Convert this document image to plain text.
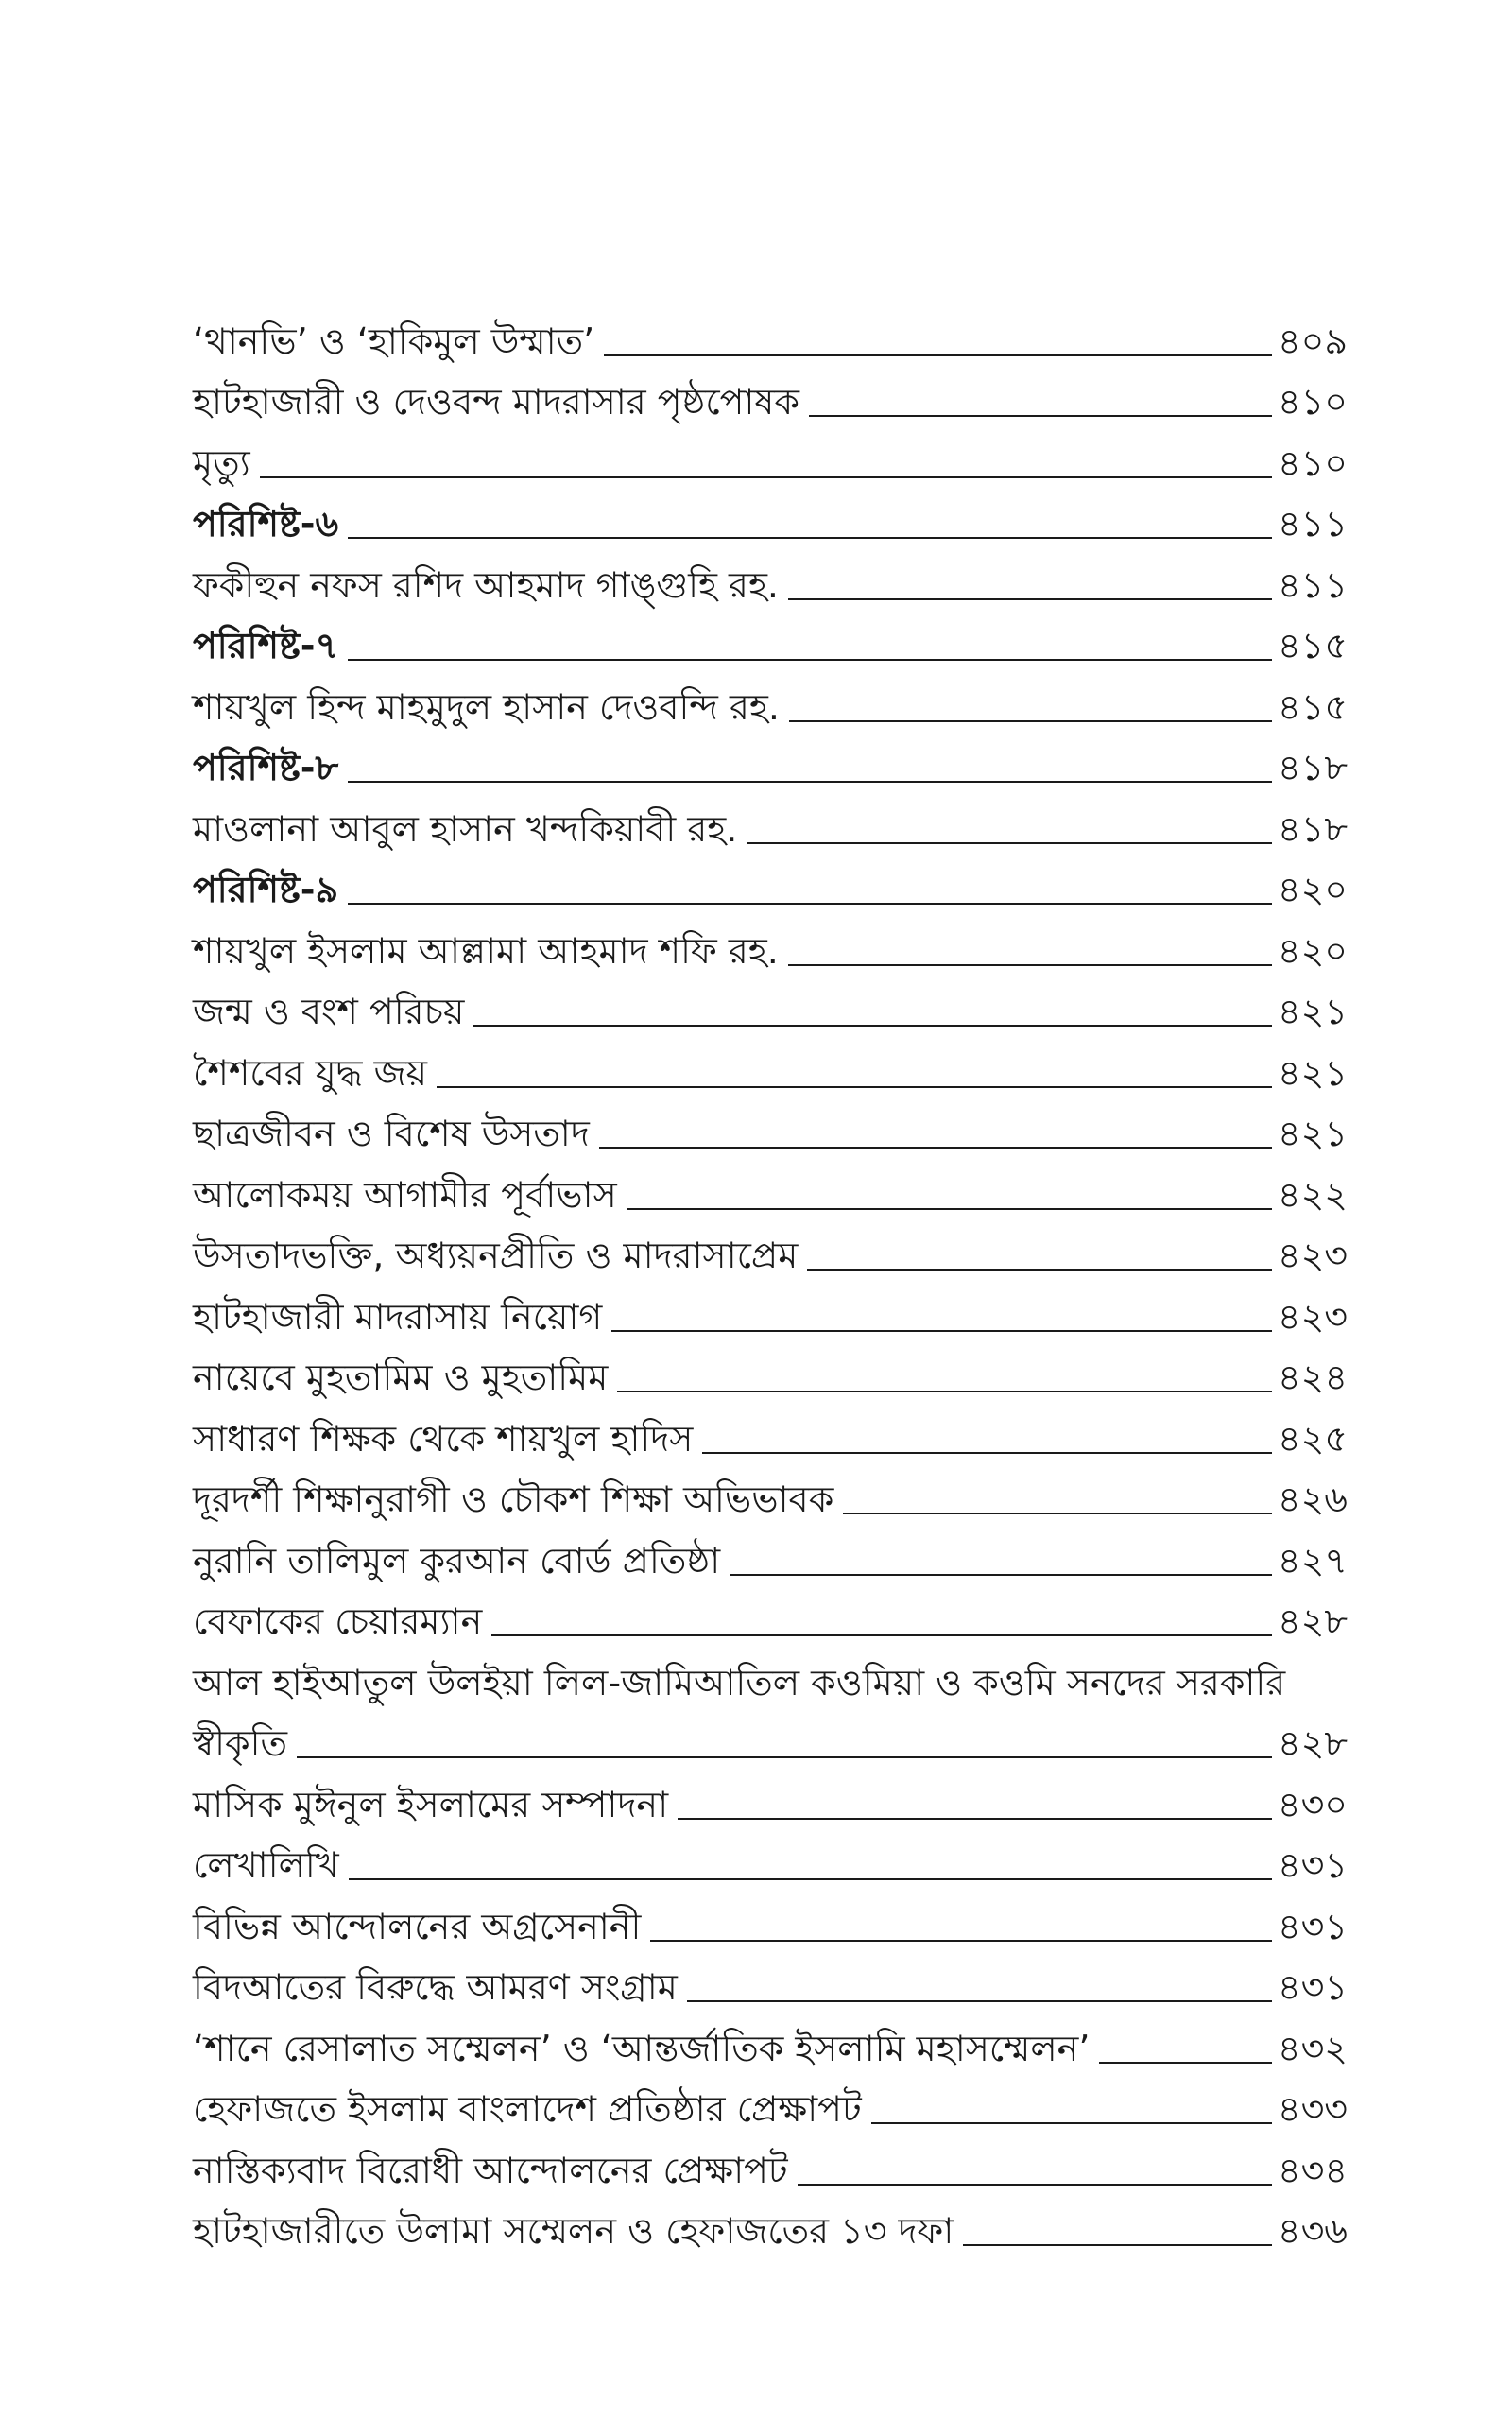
‘থানভি’ ও ‘হাকিমুল উম্মাত’	৪০৯
হাটহাজারী ও দেওবন্দ মাদরাসার পৃষ্ঠপোষক	৪১০
মৃত্যু	৪১০
পরিশিষ্ট-৬	৪১১
ফকীহুন নফস রশিদ আহমাদ গাঙ্গুহি রহ.	৪১১
পরিশিষ্ট-৭	৪১৫
শায়খুল হিন্দ মাহমুদুল হাসান দেওবন্দি রহ.	৪১৫
পরিশিষ্ট-৮	৪১৮
মাওলানা আবুল হাসান খন্দকিয়াবী রহ.	৪১৮
পরিশিষ্ট-৯	৪২০
শায়খুল ইসলাম আল্লামা আহমাদ শফি রহ.	৪২০
জন্ম ও বংশ পরিচয়	৪২১
শৈশবের যুদ্ধ জয়	৪২১
ছাত্রজীবন ও বিশেষ উসতাদ	৪২১
আলোকময় আগামীর পূর্বাভাস	৪২২
উসতাদভক্তি, অধ্যয়নপ্রীতি ও মাদরাসাপ্রেম	৪২৩
হাটহাজারী মাদরাসায় নিয়োগ	৪২৩
নায়েবে মুহতামিম ও মুহতামিম	৪২৪
সাধারণ শিক্ষক থেকে শায়খুল হাদিস	৪২৫
দূরদর্শী শিক্ষানুরাগী ও চৌকশ শিক্ষা অভিভাবক	৪২৬
নুরানি তালিমুল কুরআন বোর্ড প্রতিষ্ঠা	৪২৭
বেফাকের চেয়ারম্যান	৪২৮
আল হাইআতুল উলইয়া লিল-জামিআতিল কওমিয়া ও কওমি সনদের সরকারি
স্বীকৃতি	৪২৮
মাসিক মুঈনুল ইসলামের সম্পাদনা	৪৩০
লেখালিখি	৪৩১
বিভিন্ন আন্দোলনের অগ্রসেনানী	৪৩১
বিদআতের বিরুদ্ধে আমরণ সংগ্রাম	৪৩১
‘শানে রেসালাত সম্মেলন’ ও ‘আন্তর্জাতিক ইসলামি মহাসম্মেলন’	৪৩২
হেফাজতে ইসলাম বাংলাদেশ প্রতিষ্ঠার প্রেক্ষাপট	৪৩৩
নাস্তিক্যবাদ বিরোধী আন্দোলনের প্রেক্ষাপট	৪৩৪
হাটহাজারীতে উলামা সম্মেলন ও হেফাজতের ১৩ দফা	৪৩৬
